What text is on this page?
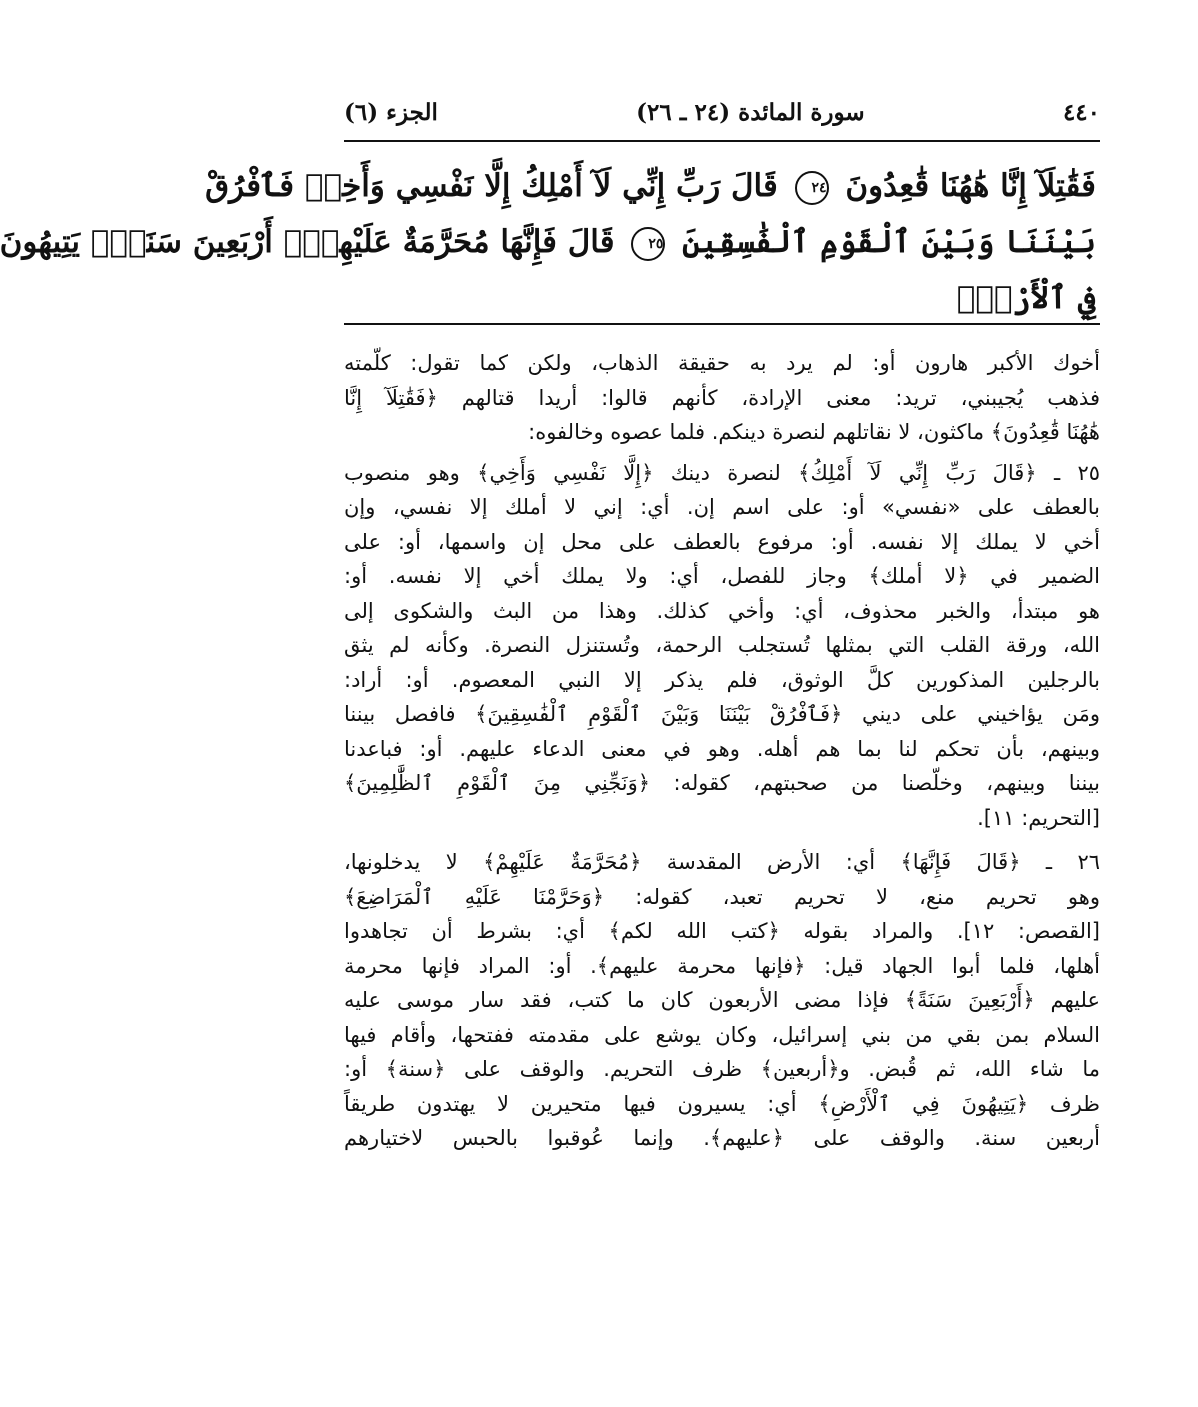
٤٤٠
سورة المائدة (٢٤ ـ ٢٦)
الجزء (٦)
فَقَٰتِلَآ إِنَّا هَٰهُنَا قَٰعِدُونَ ٢٤ قَالَ رَبِّ إِنِّي لَآ أَمْلِكُ إِلَّا نَفْسِي وَأَخِيۖ فَٱفْرُقْ
بَيْنَنَا وَبَيْنَ ٱلْقَوْمِ ٱلْفَٰسِقِينَ ٢٥ قَالَ فَإِنَّهَا مُحَرَّمَةٌ عَلَيْهِمْۛ أَرْبَعِينَ سَنَةًۛ يَتِيهُونَ
فِي ٱلْأَرْضِۚ
أخوك الأكبر هارون أو: لم يرد به حقيقة الذهاب، ولكن كما تقول: كلّمته
فذهب يُجيبني، تريد: معنى الإرادة، كأنهم قالوا: أريدا قتالهم ﴿فَقَٰتِلَآ إِنَّا
هَٰهُنَا قَٰعِدُونَ﴾ ماكثون، لا نقاتلهم لنصرة دينكم. فلما عصوه وخالفوه:
٢٥ ـ ﴿قَالَ رَبِّ إِنِّي لَآ أَمْلِكُ﴾ لنصرة دينك ﴿إِلَّا نَفْسِي وَأَخِي﴾ وهو منصوب
بالعطف على «نفسي» أو: على اسم إن. أي: إني لا أملك إلا نفسي، وإن
أخي لا يملك إلا نفسه. أو: مرفوع بالعطف على محل إن واسمها، أو: على
الضمير في ﴿لا أملك﴾ وجاز للفصل، أي: ولا يملك أخي إلا نفسه. أو:
هو مبتدأ، والخبر محذوف، أي: وأخي كذلك. وهذا من البث والشكوى إلى
الله، ورقة القلب التي بمثلها تُستجلب الرحمة، وتُستنزل النصرة. وكأنه لم يثق
بالرجلين المذكورين كلَّ الوثوق، فلم يذكر إلا النبي المعصوم. أو: أراد:
ومَن يؤاخيني على ديني ﴿فَٱفْرُقْ بَيْنَنَا وَبَيْنَ ٱلْقَوْمِ ٱلْفَٰسِقِينَ﴾ فافصل بيننا
وبينهم، بأن تحكم لنا بما هم أهله. وهو في معنى الدعاء عليهم. أو: فباعدنا
بيننا وبينهم، وخلّصنا من صحبتهم، كقوله: ﴿وَنَجِّنِي مِنَ ٱلْقَوْمِ ٱلظَّٰلِمِينَ﴾
[التحريم: ١١].
٢٦ ـ ﴿قَالَ فَإِنَّهَا﴾ أي: الأرض المقدسة ﴿مُحَرَّمَةٌ عَلَيْهِمْ﴾ لا يدخلونها،
وهو تحريم منع، لا تحريم تعبد، كقوله: ﴿وَحَرَّمْنَا عَلَيْهِ ٱلْمَرَاضِعَ﴾
[القصص: ١٢]. والمراد بقوله ﴿كتب الله لكم﴾ أي: بشرط أن تجاهدوا
أهلها، فلما أبوا الجهاد قيل: ﴿فإنها محرمة عليهم﴾. أو: المراد فإنها محرمة
عليهم ﴿أَرْبَعِينَ سَنَةً﴾ فإذا مضى الأربعون كان ما كتب، فقد سار موسى عليه
السلام بمن بقي من بني إسرائيل، وكان يوشع على مقدمته ففتحها، وأقام فيها
ما شاء الله، ثم قُبض. و﴿أربعين﴾ ظرف التحريم. والوقف على ﴿سنة﴾ أو:
ظرف ﴿يَتِيهُونَ فِي ٱلْأَرْضِ﴾ أي: يسيرون فيها متحيرين لا يهتدون طريقاً
أربعين سنة. والوقف على ﴿عليهم﴾. وإنما عُوقبوا بالحبس لاختيارهم
